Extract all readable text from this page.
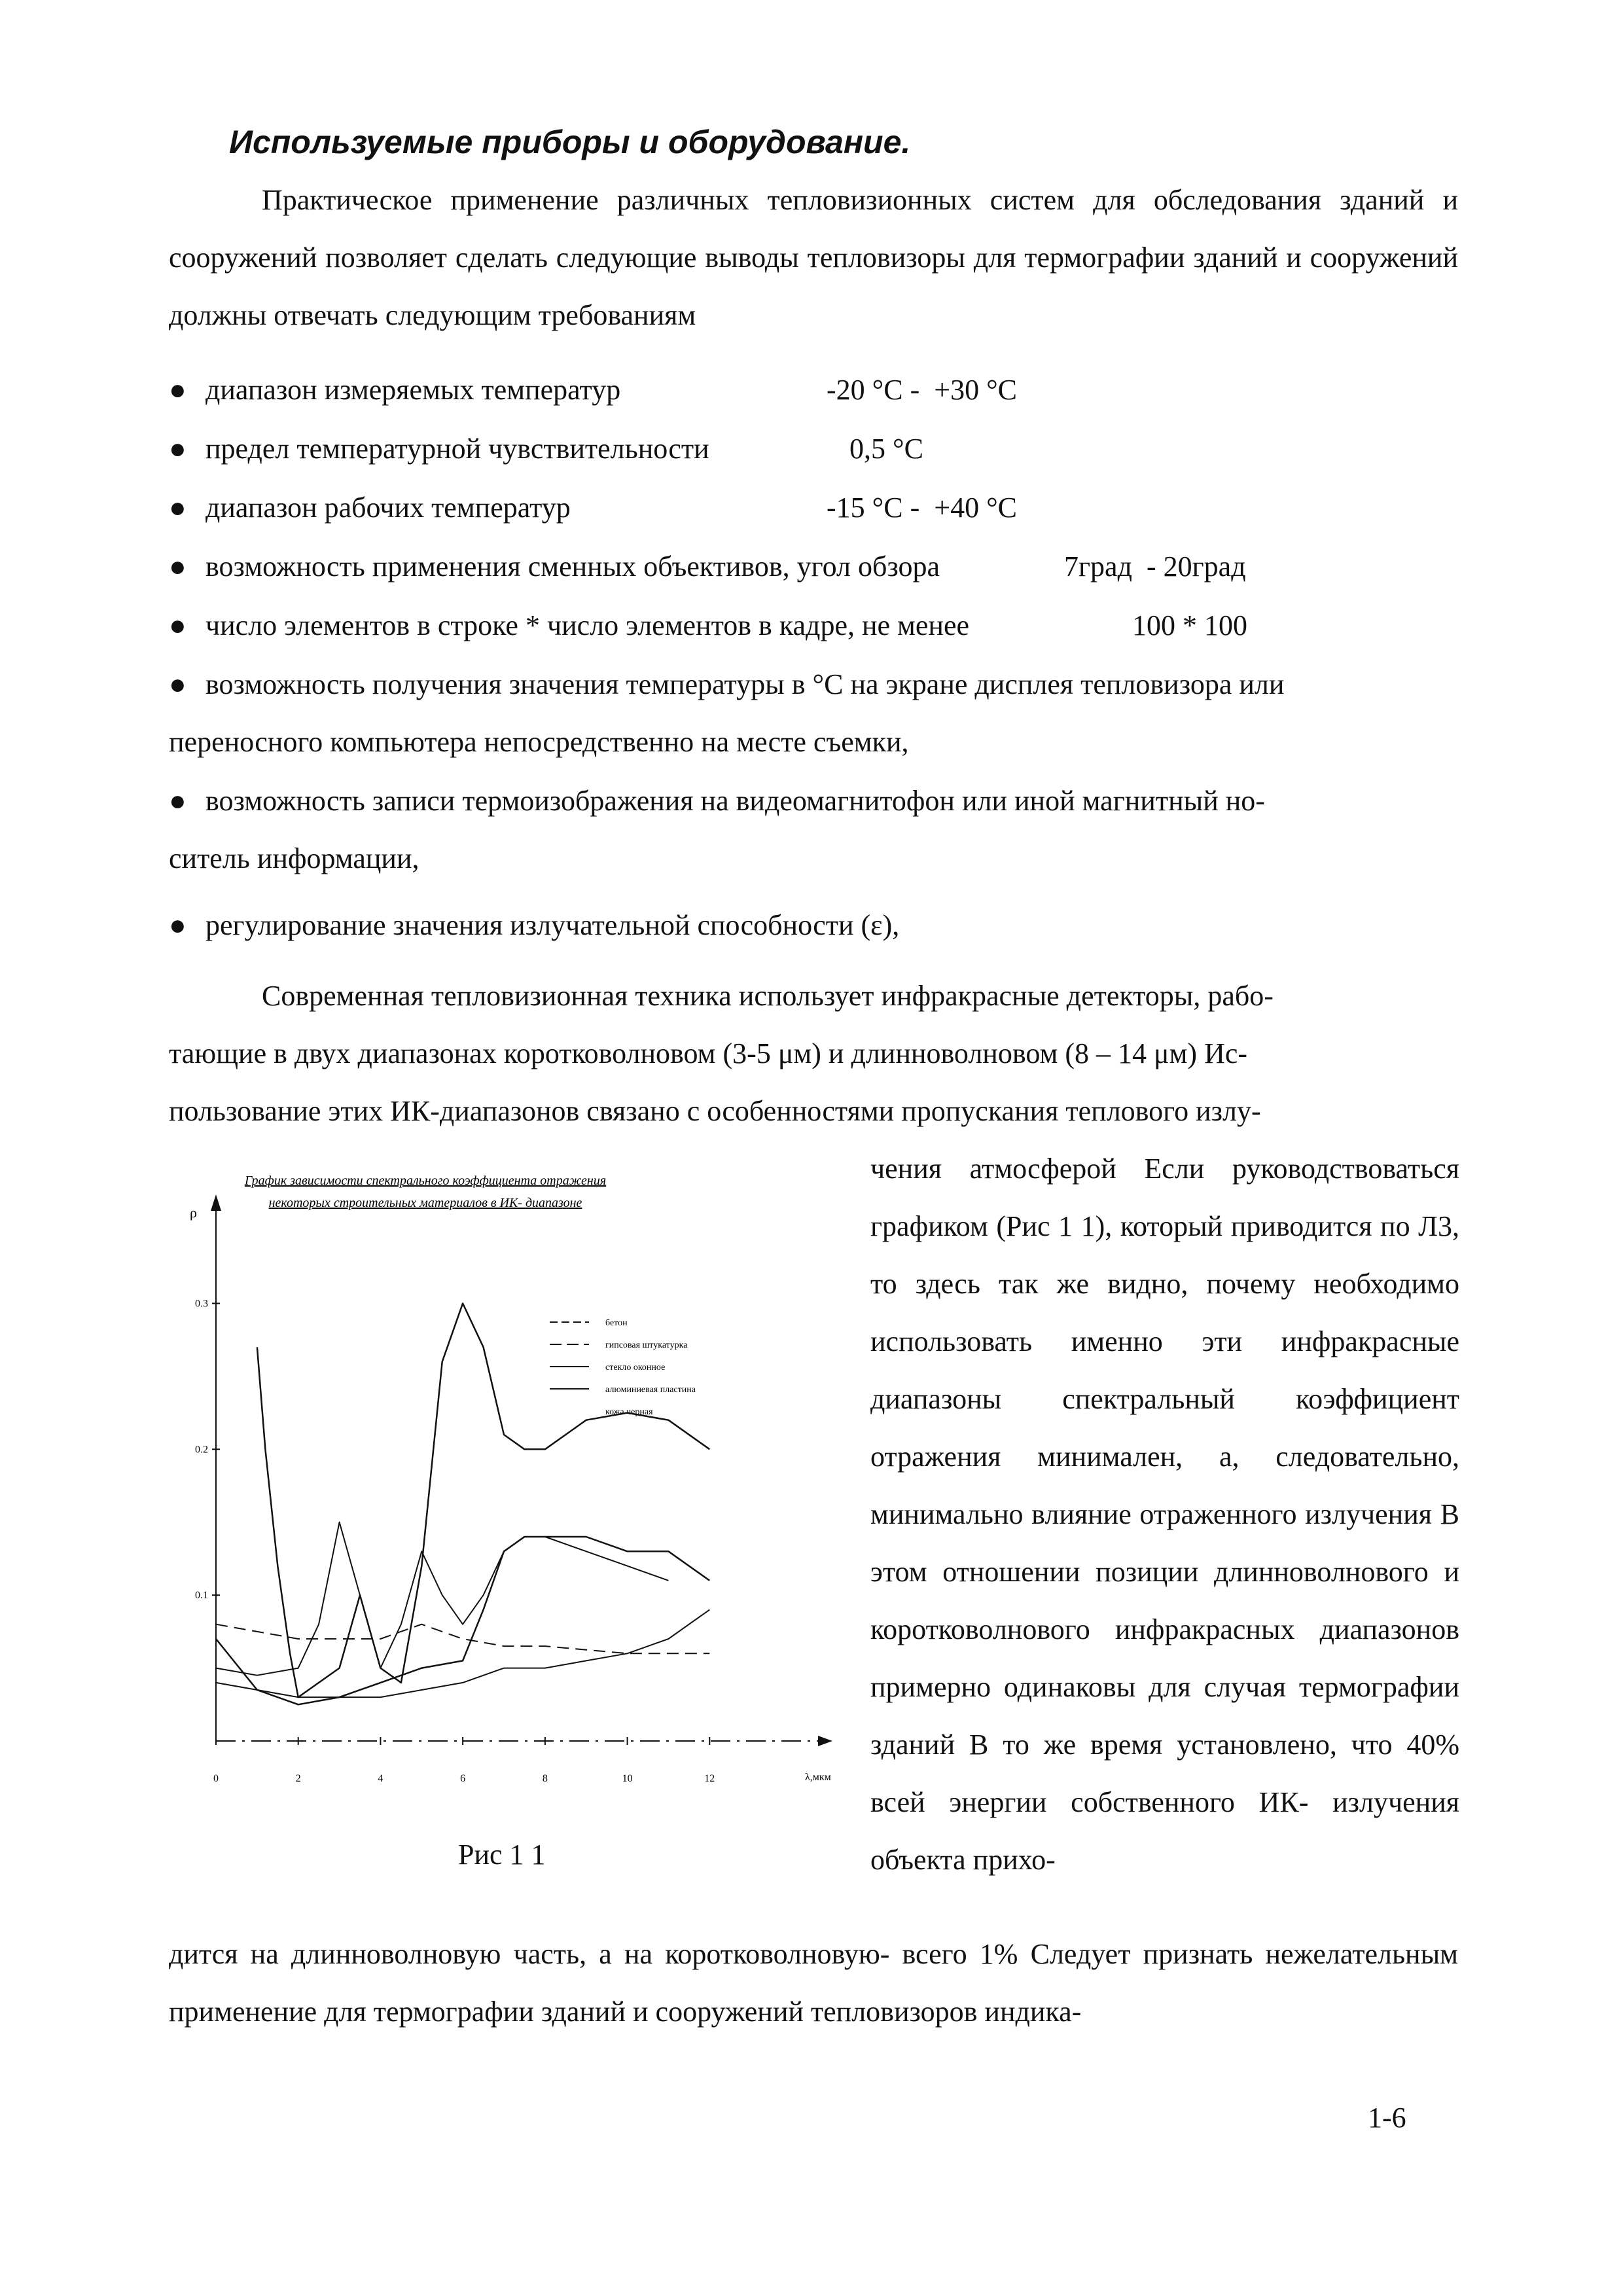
Используемые приборы и оборудование.

Практическое применение различных тепловизионных систем для обследования зданий и сооружений позволяет сделать следующие выводы тепловизоры для термографии зданий и сооружений должны отвечать следующим требованиям

● диапазон измеряемых температур	-20 °С -  +30 °С
● предел температурной чувствительности	0,5 °С
● диапазон рабочих температур	-15 °С -  +40 °С
● возможность применения сменных объективов, угол обзора	7град  - 20град
● число элементов в строке * число элементов в кадре, не менее	100 * 100
● возможность получения значения температуры в °С на экране дисплея тепловизора или
переносного компьютера непосредственно на месте съемки,
● возможность записи термоизображения на видеомагнитофон или иной магнитный но-
ситель информации,
● регулирование значения излучательной способности (ε),

Современная тепловизионная техника использует инфракрасные детекторы, рабо-

тающие в двух диапазонах коротковолновом (3-5 μм) и длинноволновом (8 – 14 μм) Ис-

пользование этих ИК-диапазонов связано с особенностями пропускания теплового излу-

чения атмосферой Если руководствоваться графиком (Рис 1 1), который приводится по Л3, то здесь так же видно, почему необходимо использовать именно эти инфракрасные диапазоны спектральный коэффициент отражения минимален, а, следовательно, минимально влияние отраженного излучения В этом отношении позиции длинноволнового и коротковолнового инфракрасных диапазонов примерно одинаковы для случая термографии зданий В то же время установлено, что 40% всей энергии собственного ИК- излучения объекта прихо-

График зависимости спектрального коэффициента отражения
некоторых строительных материалов в ИК- диапазоне
ρ
λ,мкм
0.1
0.2
0.3
0	2	4	6	8	10	12
бетон
гипсовая штукатурка
стекло оконное
алюминиевая пластина
кожа черная

Рис 1 1

1-6

дится на длинноволновую часть, а на коротковолновую- всего 1% Следует признать нежелательным применение для термографии зданий и сооружений тепловизоров индика-
